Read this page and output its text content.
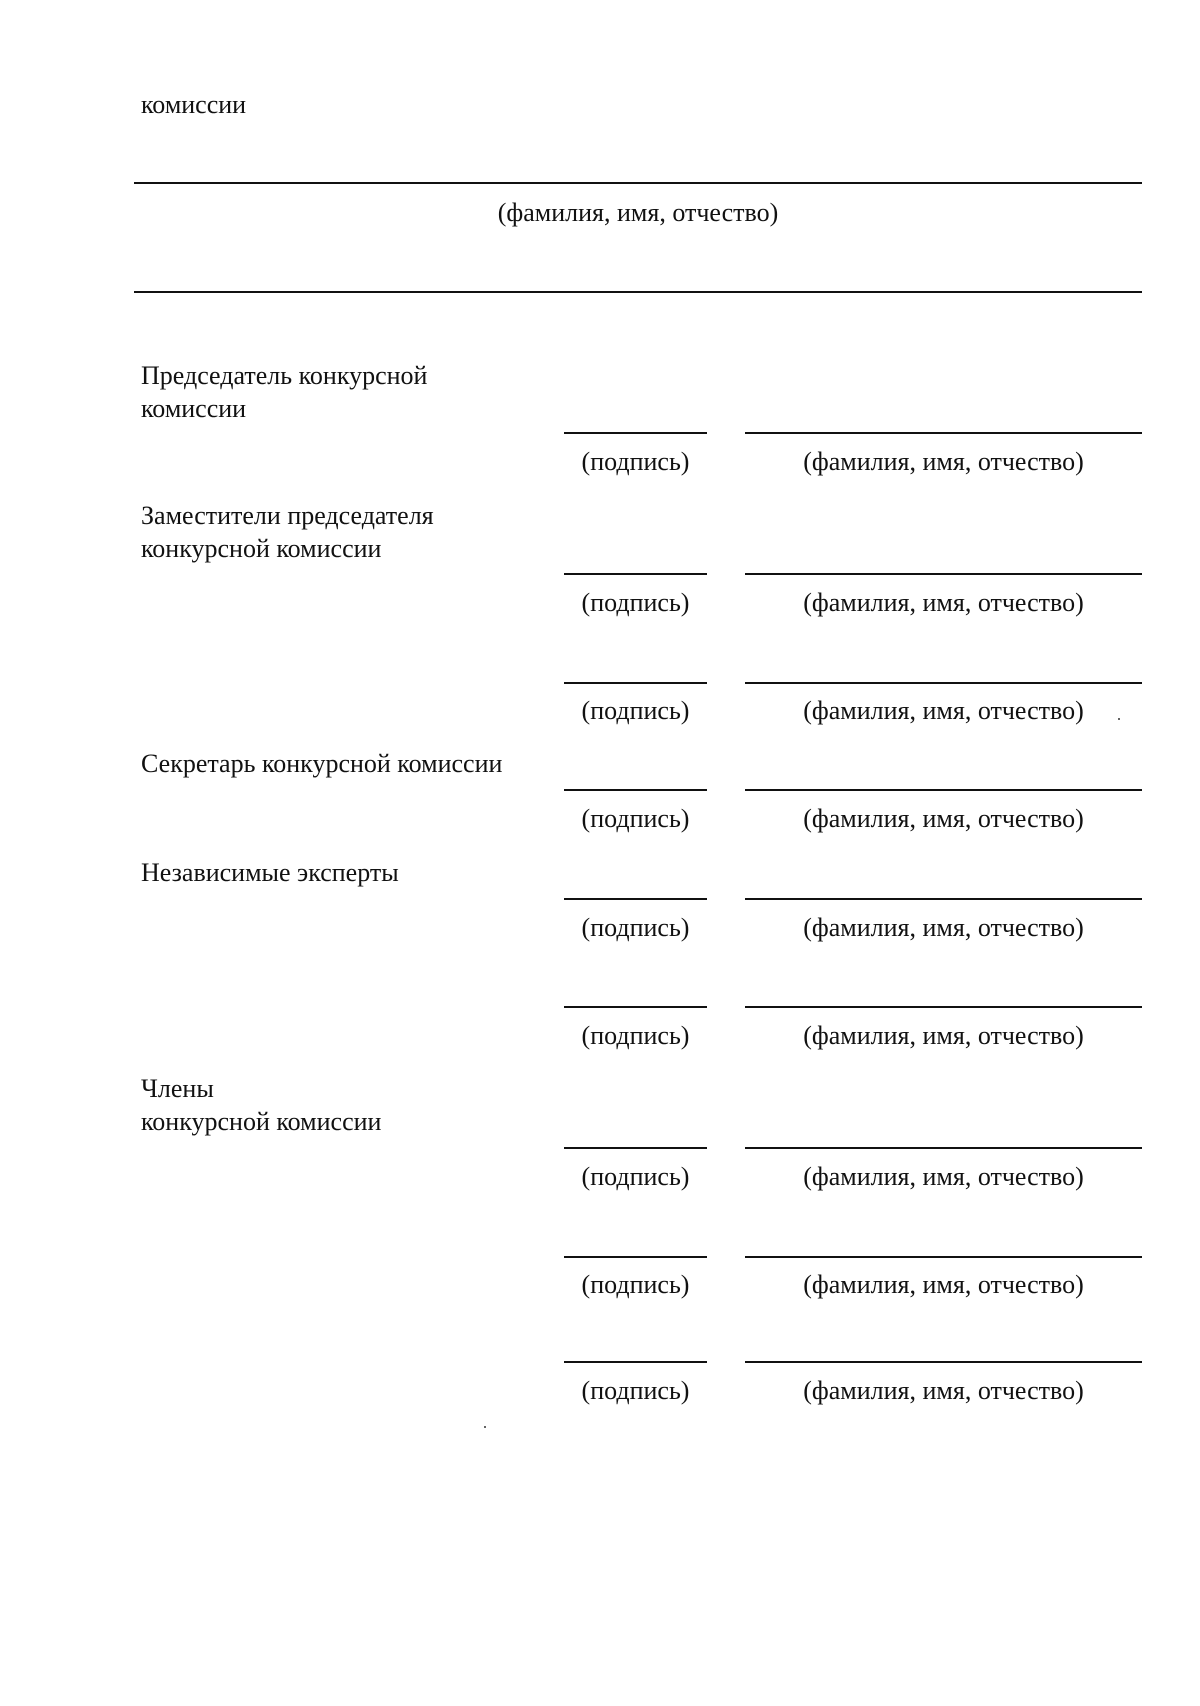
комиссии
(фамилия, имя, отчество)
Председатель конкурсной
комиссии
(подпись)	(фамилия, имя, отчество)
Заместители председателя
конкурсной комиссии
(подпись)	(фамилия, имя, отчество)
(подпись)	(фамилия, имя, отчество)
Секретарь конкурсной комиссии
(подпись)	(фамилия, имя, отчество)
Независимые эксперты
(подпись)	(фамилия, имя, отчество)
(подпись)	(фамилия, имя, отчество)
Члены
конкурсной комиссии
(подпись)	(фамилия, имя, отчество)
(подпись)	(фамилия, имя, отчество)
(подпись)	(фамилия, имя, отчество)
